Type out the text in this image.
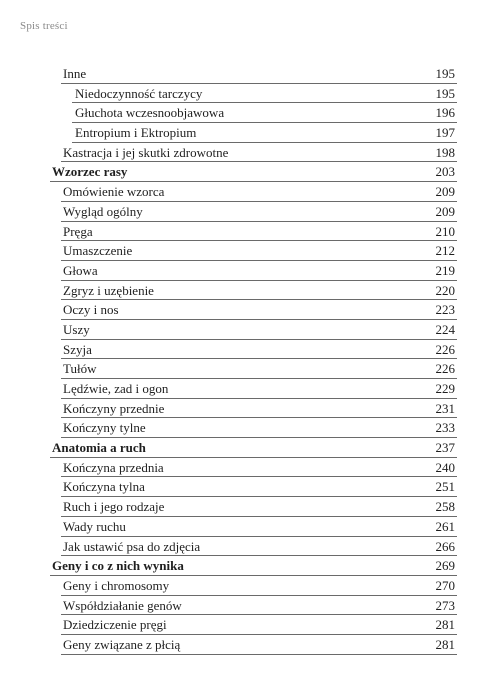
Spis treści
Inne	195
Niedoczynność tarczycy	195
Głuchota wczesnoobjawowa	196
Entropium i Ektropium	197
Kastracja i jej skutki zdrowotne	198
Wzorzec rasy	203
Omówienie wzorca	209
Wygląd ogólny	209
Pręga	210
Umaszczenie	212
Głowa	219
Zgryz i uzębienie	220
Oczy i nos	223
Uszy	224
Szyja	226
Tułów	226
Lędźwie, zad i ogon	229
Kończyny przednie	231
Kończyny tylne	233
Anatomia a ruch	237
Kończyna przednia	240
Kończyna tylna	251
Ruch i jego rodzaje	258
Wady ruchu	261
Jak ustawić psa do zdjęcia	266
Geny i co z nich wynika	269
Geny i chromosomy	270
Współdziałanie genów	273
Dziedziczenie pręgi	281
Geny związane z płcią	281
